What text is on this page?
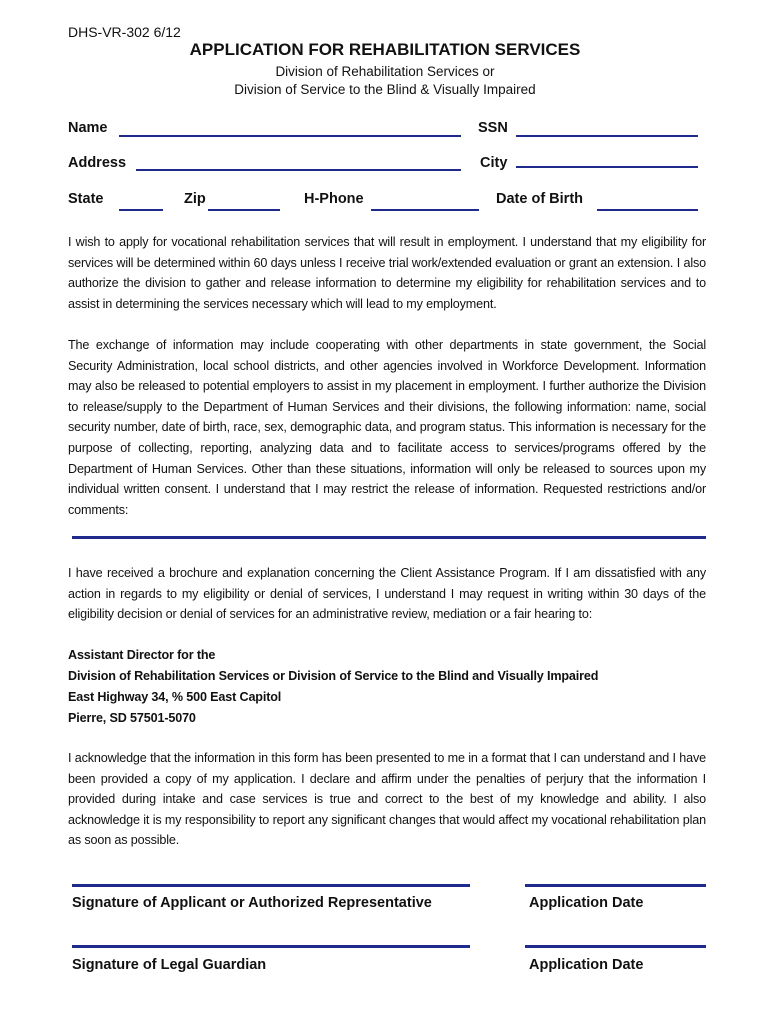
DHS-VR-302 6/12
APPLICATION FOR REHABILITATION SERVICES
Division of Rehabilitation Services or
Division of Service to the Blind & Visually Impaired
Name	SSN
Address	City
State	Zip	H-Phone	Date of Birth
I wish to apply for vocational rehabilitation services that will result in employment. I understand that my eligibility for services will be determined within 60 days unless I receive trial work/extended evaluation or grant an extension. I also authorize the division to gather and release information to determine my eligibility for rehabilitation services and to assist in determining the services necessary which will lead to my employment.
The exchange of information may include cooperating with other departments in state government, the Social Security Administration, local school districts, and other agencies involved in Workforce Development. Information may also be released to potential employers to assist in my placement in employment. I further authorize the Division to release/supply to the Department of Human Services and their divisions, the following information: name, social security number, date of birth, race, sex, demographic data, and program status. This information is necessary for the purpose of collecting, reporting, analyzing data and to facilitate access to services/programs offered by the Department of Human Services. Other than these situations, information will only be released to sources upon my individual written consent. I understand that I may restrict the release of information. Requested restrictions and/or comments:
I have received a brochure and explanation concerning the Client Assistance Program. If I am dissatisfied with any action in regards to my eligibility or denial of services, I understand I may request in writing within 30 days of the eligibility decision or denial of services for an administrative review, mediation or a fair hearing to:
Assistant Director for the
Division of Rehabilitation Services or Division of Service to the Blind and Visually Impaired
East Highway 34, % 500 East Capitol
Pierre, SD 57501-5070
I acknowledge that the information in this form has been presented to me in a format that I can understand and I have been provided a copy of my application. I declare and affirm under the penalties of perjury that the information I provided during intake and case services is true and correct to the best of my knowledge and ability. I also acknowledge it is my responsibility to report any significant changes that would affect my vocational rehabilitation plan as soon as possible.
Signature of Applicant or Authorized Representative	Application Date
Signature of Legal Guardian	Application Date
